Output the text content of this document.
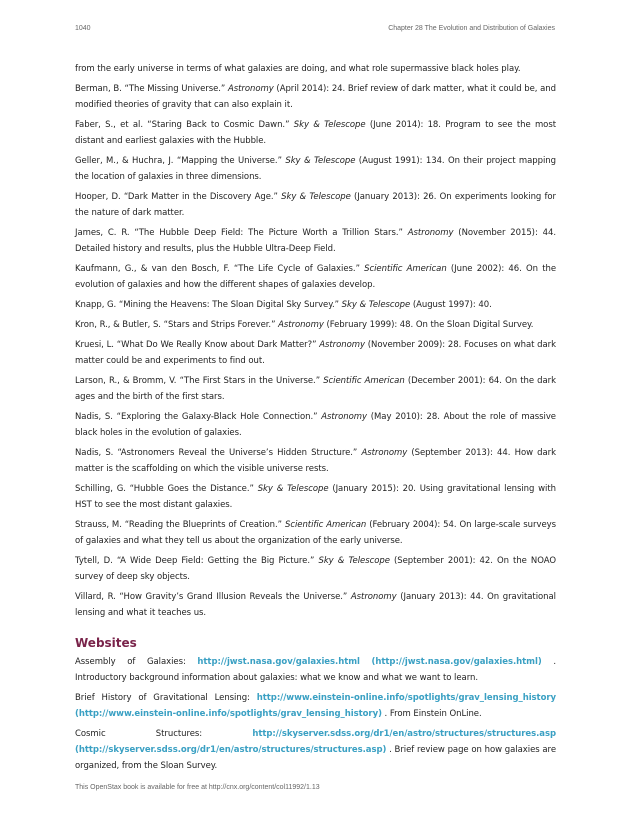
1040	Chapter 28 The Evolution and Distribution of Galaxies

from the early universe in terms of what galaxies are doing, and what role supermassive black holes play.

Berman, B. “The Missing Universe.” Astronomy (April 2014): 24. Brief review of dark matter, what it could be, and modified theories of gravity that can also explain it.

Faber, S., et al. “Staring Back to Cosmic Dawn.” Sky & Telescope (June 2014): 18. Program to see the most distant and earliest galaxies with the Hubble.

Geller, M., & Huchra, J. “Mapping the Universe.” Sky & Telescope (August 1991): 134. On their project mapping the location of galaxies in three dimensions.

Hooper, D. “Dark Matter in the Discovery Age.” Sky & Telescope (January 2013): 26. On experiments looking for the nature of dark matter.

James, C. R. “The Hubble Deep Field: The Picture Worth a Trillion Stars.” Astronomy (November 2015): 44. Detailed history and results, plus the Hubble Ultra-Deep Field.

Kaufmann, G., & van den Bosch, F. “The Life Cycle of Galaxies.” Scientific American (June 2002): 46. On the evolution of galaxies and how the different shapes of galaxies develop.

Knapp, G. “Mining the Heavens: The Sloan Digital Sky Survey.” Sky & Telescope (August 1997): 40.

Kron, R., & Butler, S. “Stars and Strips Forever.” Astronomy (February 1999): 48. On the Sloan Digital Survey.

Kruesi, L. “What Do We Really Know about Dark Matter?” Astronomy (November 2009): 28. Focuses on what dark matter could be and experiments to find out.

Larson, R., & Bromm, V. “The First Stars in the Universe.” Scientific American (December 2001): 64. On the dark ages and the birth of the first stars.

Nadis, S. “Exploring the Galaxy-Black Hole Connection.” Astronomy (May 2010): 28. About the role of massive black holes in the evolution of galaxies.

Nadis, S. “Astronomers Reveal the Universe’s Hidden Structure.” Astronomy (September 2013): 44. How dark matter is the scaffolding on which the visible universe rests.

Schilling, G. “Hubble Goes the Distance.” Sky & Telescope (January 2015): 20. Using gravitational lensing with HST to see the most distant galaxies.

Strauss, M. “Reading the Blueprints of Creation.” Scientific American (February 2004): 54. On large-scale surveys of galaxies and what they tell us about the organization of the early universe.

Tytell, D. “A Wide Deep Field: Getting the Big Picture.” Sky & Telescope (September 2001): 42. On the NOAO survey of deep sky objects.

Villard, R. “How Gravity’s Grand Illusion Reveals the Universe.” Astronomy (January 2013): 44. On gravitational lensing and what it teaches us.

Websites

Assembly of Galaxies: http://jwst.nasa.gov/galaxies.html (http://jwst.nasa.gov/galaxies.html) . Introductory background information about galaxies: what we know and what we want to learn.

Brief History of Gravitational Lensing: http://www.einstein-online.info/spotlights/grav_lensing_history (http://www.einstein-online.info/spotlights/grav_lensing_history) . From Einstein OnLine.

Cosmic Structures: http://skyserver.sdss.org/dr1/en/astro/structures/structures.asp (http://skyserver.sdss.org/dr1/en/astro/structures/structures.asp) . Brief review page on how galaxies are organized, from the Sloan Survey.

This OpenStax book is available for free at http://cnx.org/content/col11992/1.13
